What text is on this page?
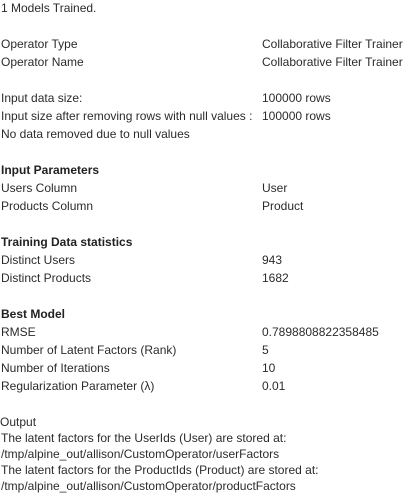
1 Models Trained.
Operator Type	Collaborative Filter Trainer
Operator Name	Collaborative Filter Trainer
Input data size:	100000 rows
Input size after removing rows with null values : 100000 rows
No data removed due to null values
Input Parameters
Users Column	User
Products Column	Product
Training Data statistics
Distinct Users	943
Distinct Products	1682
Best Model
RMSE	0.7898808822358485
Number of Latent Factors (Rank)	5
Number of Iterations	10
Regularization Parameter (λ)	0.01
Output
The latent factors for the UserIds (User) are stored at:
/tmp/alpine_out/allison/CustomOperator/userFactors
The latent factors for the ProductIds (Product) are stored at:
/tmp/alpine_out/allison/CustomOperator/productFactors
